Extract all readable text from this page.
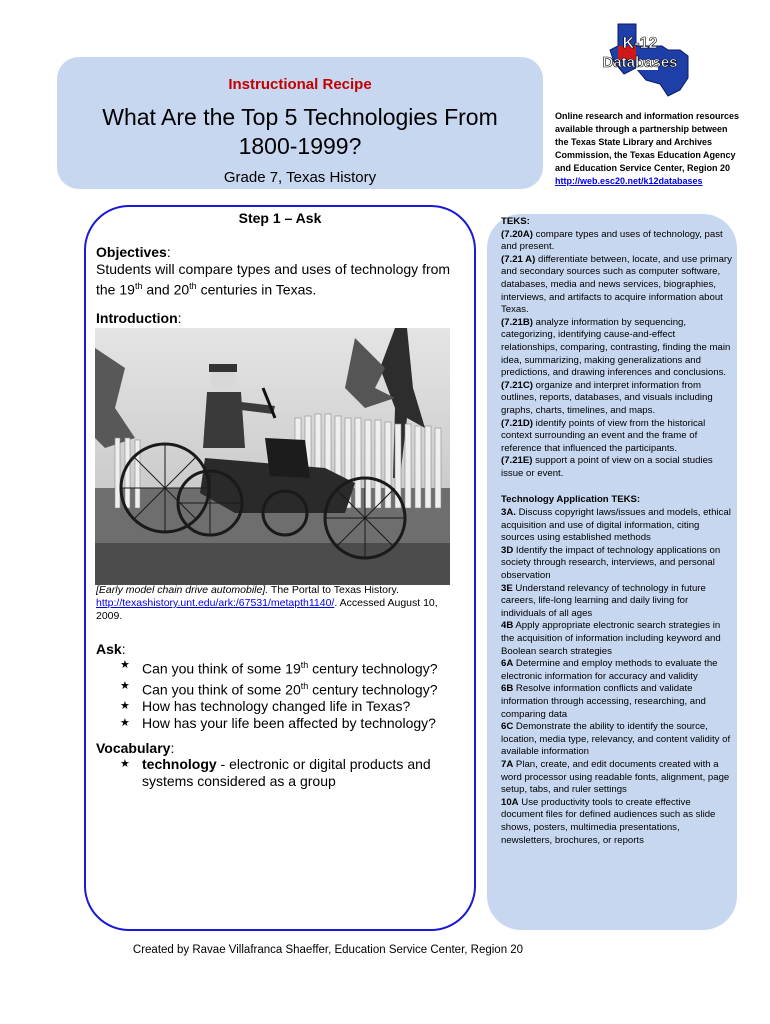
Instructional Recipe
What Are the Top 5 Technologies From
1800-1999?
Grade 7, Texas History
K-12
Databases
Online research and information resources
available through a partnership between
the Texas State Library and Archives
Commission, the Texas Education Agency
and Education Service Center, Region 20
http://web.esc20.net/k12databases
Step 1 – Ask
Objectives:
Students will compare types and uses of technology from
the 19th and 20th centuries in Texas.
Introduction:
[Early model chain drive automobile]. The Portal to Texas History. http://texashistory.unt.edu/ark:/67531/metapth1140/. Accessed August 10, 2009.
Ask:
★ Can you think of some 19th century technology?
★ Can you think of some 20th century technology?
★ How has technology changed life in Texas?
★ How has your life been affected by technology?
Vocabulary:
★ technology - electronic or digital products and
systems considered as a group
TEKS:
(7.20A) compare types and uses of technology, past and present.
(7.21 A) differentiate between, locate, and use primary and secondary sources such as computer software, databases, media and news services, biographies, interviews, and artifacts to acquire information about Texas.
(7.21B) analyze information by sequencing, categorizing, identifying cause-and-effect relationships, comparing, contrasting, finding the main idea, summarizing, making generalizations and predictions, and drawing inferences and conclusions.
(7.21C) organize and interpret information from outlines, reports, databases, and visuals including graphs, charts, timelines, and maps.
(7.21D) identify points of view from the historical context surrounding an event and the frame of reference that influenced the participants.
(7.21E) support a point of view on a social studies issue or event.
Technology Application TEKS:
3A. Discuss copyright laws/issues and models, ethical acquisition and use of digital information, citing sources using established methods
3D Identify the impact of technology applications on society through research, interviews, and personal observation
3E Understand relevancy of technology in future careers, life-long learning and daily living for individuals of all ages
4B Apply appropriate electronic search strategies in the acquisition of information including keyword and Boolean search strategies
6A Determine and employ methods to evaluate the electronic information for accuracy and validity
6B Resolve information conflicts and validate information through accessing, researching, and comparing data
6C Demonstrate the ability to identify the source, location, media type, relevancy, and content validity of available information
7A Plan, create, and edit documents created with a word processor using readable fonts, alignment, page setup, tabs, and ruler settings
10A Use productivity tools to create effective document files for defined audiences such as slide shows, posters, multimedia presentations, newsletters, brochures, or reports
Created by Ravae Villafranca Shaeffer, Education Service Center, Region 20
